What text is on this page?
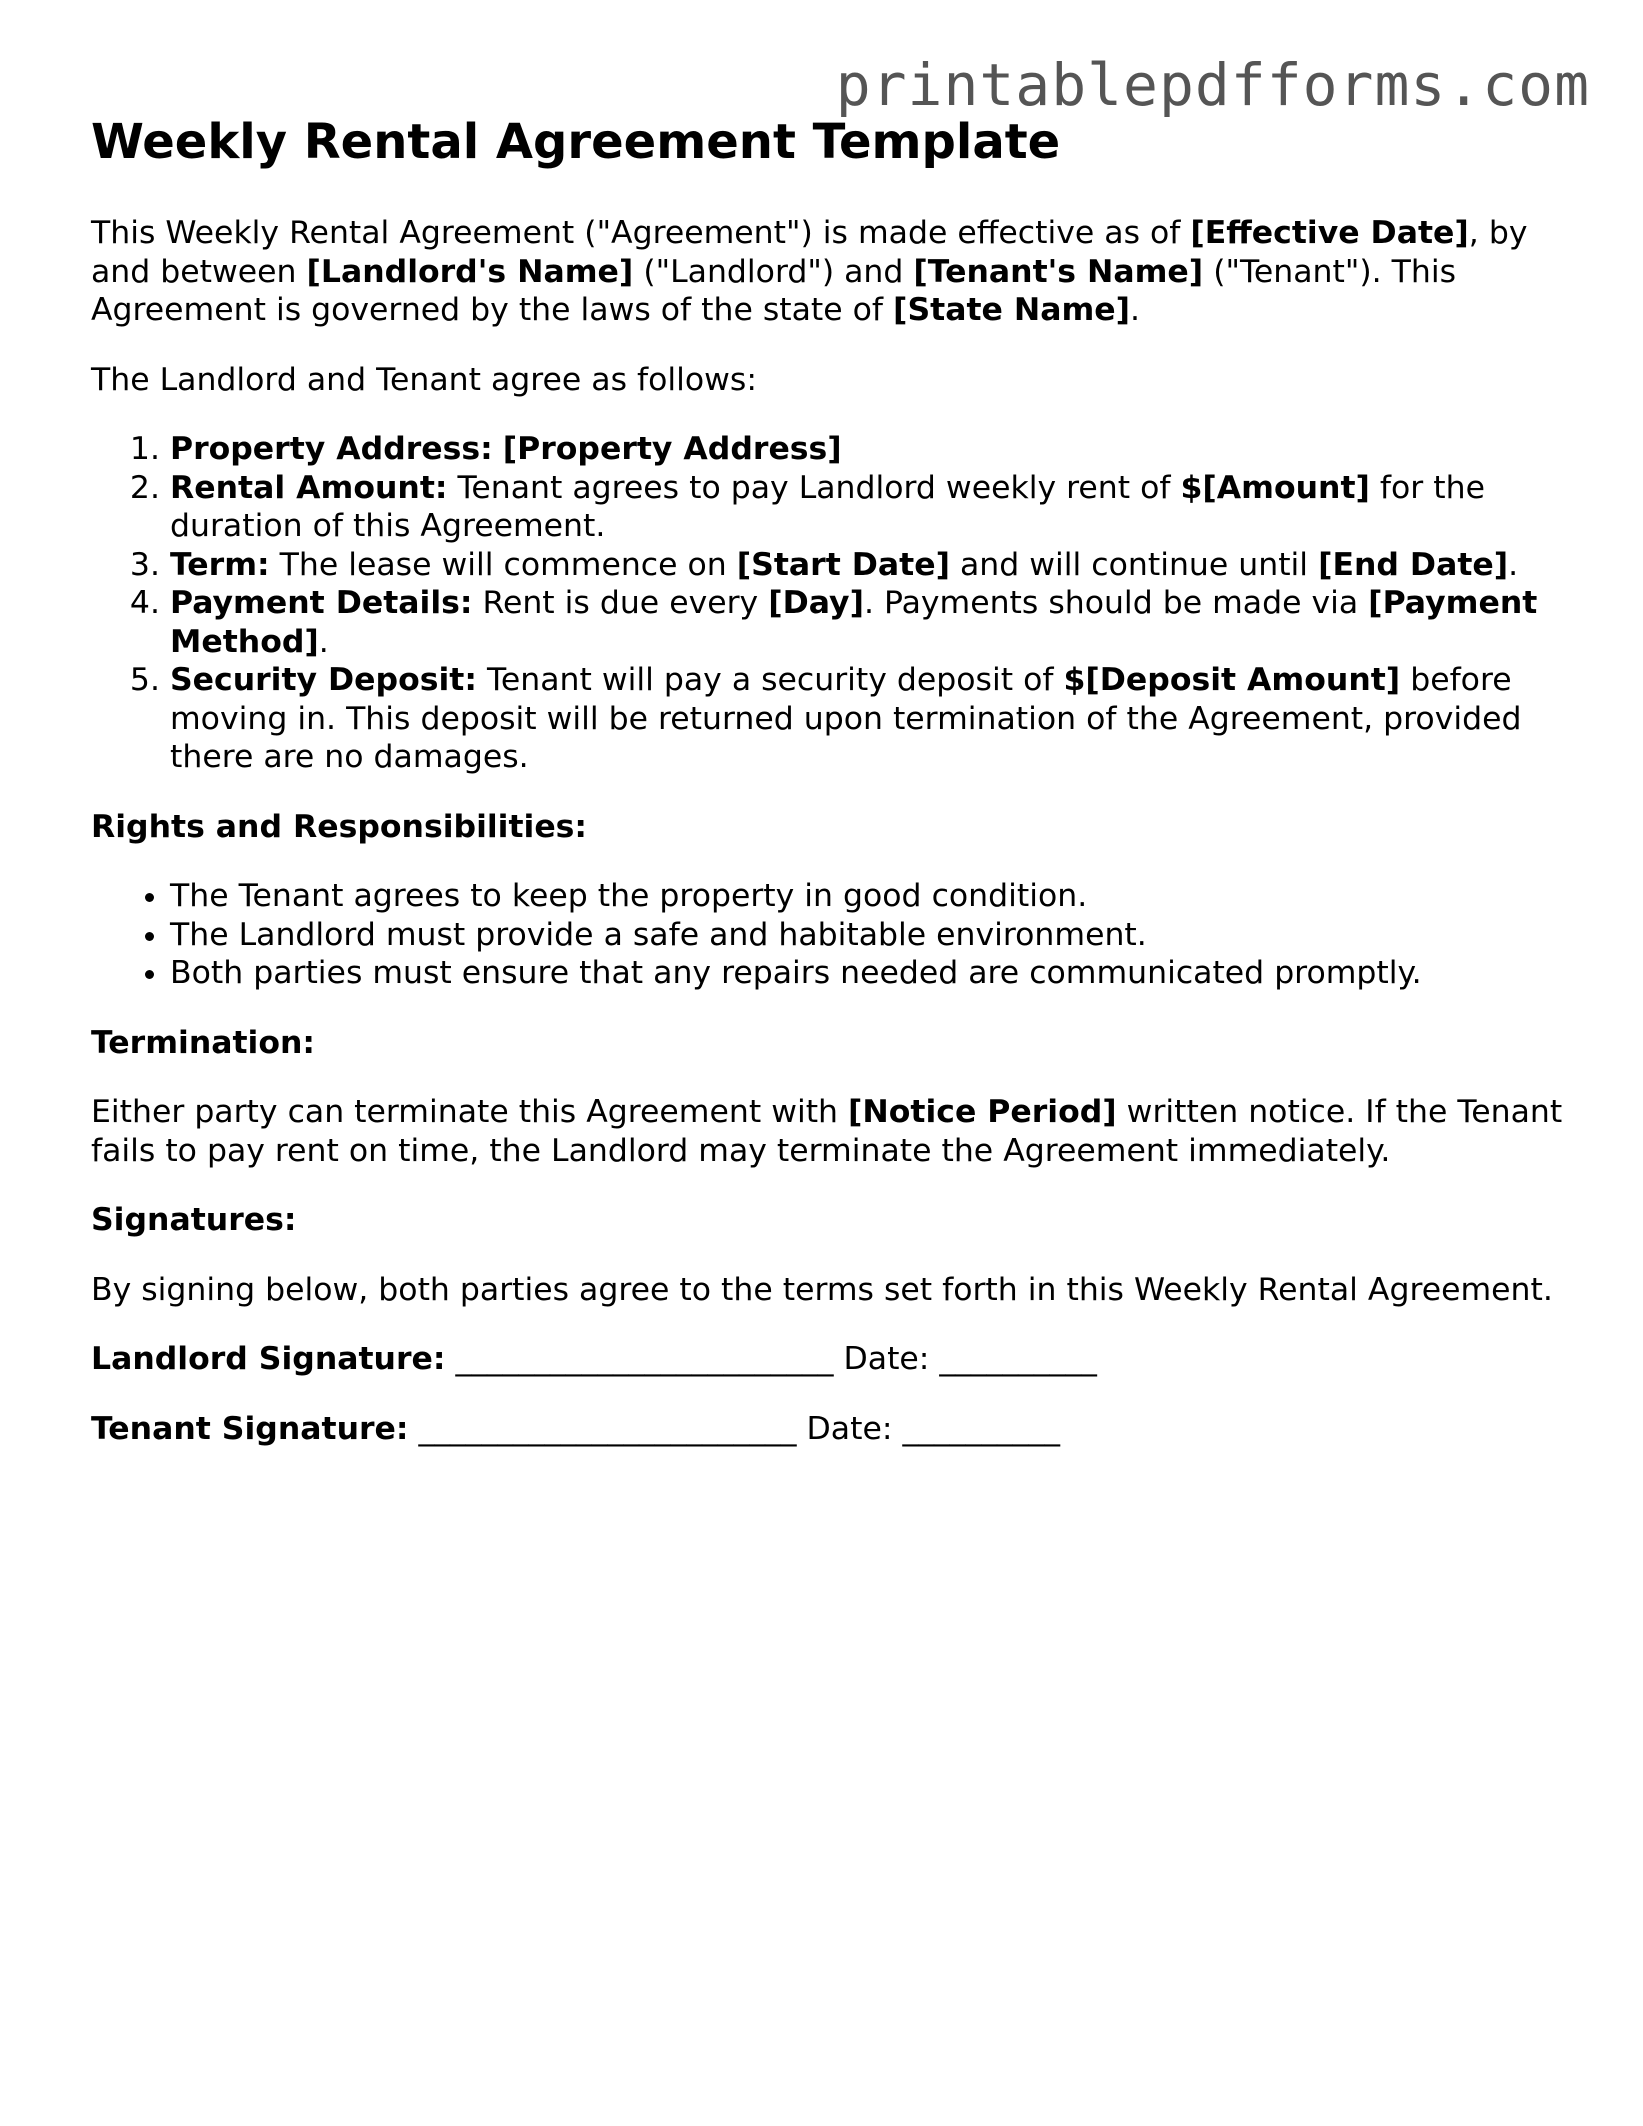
printablepdfforms.com
Weekly Rental Agreement Template

This Weekly Rental Agreement ("Agreement") is made effective as of [Effective Date], by and between [Landlord's Name] ("Landlord") and [Tenant's Name] ("Tenant"). This Agreement is governed by the laws of the state of [State Name].

The Landlord and Tenant agree as follows:

1. Property Address: [Property Address]
2. Rental Amount: Tenant agrees to pay Landlord weekly rent of $[Amount] for the duration of this Agreement.
3. Term: The lease will commence on [Start Date] and will continue until [End Date].
4. Payment Details: Rent is due every [Day]. Payments should be made via [Payment Method].
5. Security Deposit: Tenant will pay a security deposit of $[Deposit Amount] before moving in. This deposit will be returned upon termination of the Agreement, provided there are no damages.

Rights and Responsibilities:

• The Tenant agrees to keep the property in good condition.
• The Landlord must provide a safe and habitable environment.
• Both parties must ensure that any repairs needed are communicated promptly.

Termination:

Either party can terminate this Agreement with [Notice Period] written notice. If the Tenant fails to pay rent on time, the Landlord may terminate the Agreement immediately.

Signatures:

By signing below, both parties agree to the terms set forth in this Weekly Rental Agreement.

Landlord Signature: ________________________ Date: __________
Tenant Signature: ________________________ Date: __________
